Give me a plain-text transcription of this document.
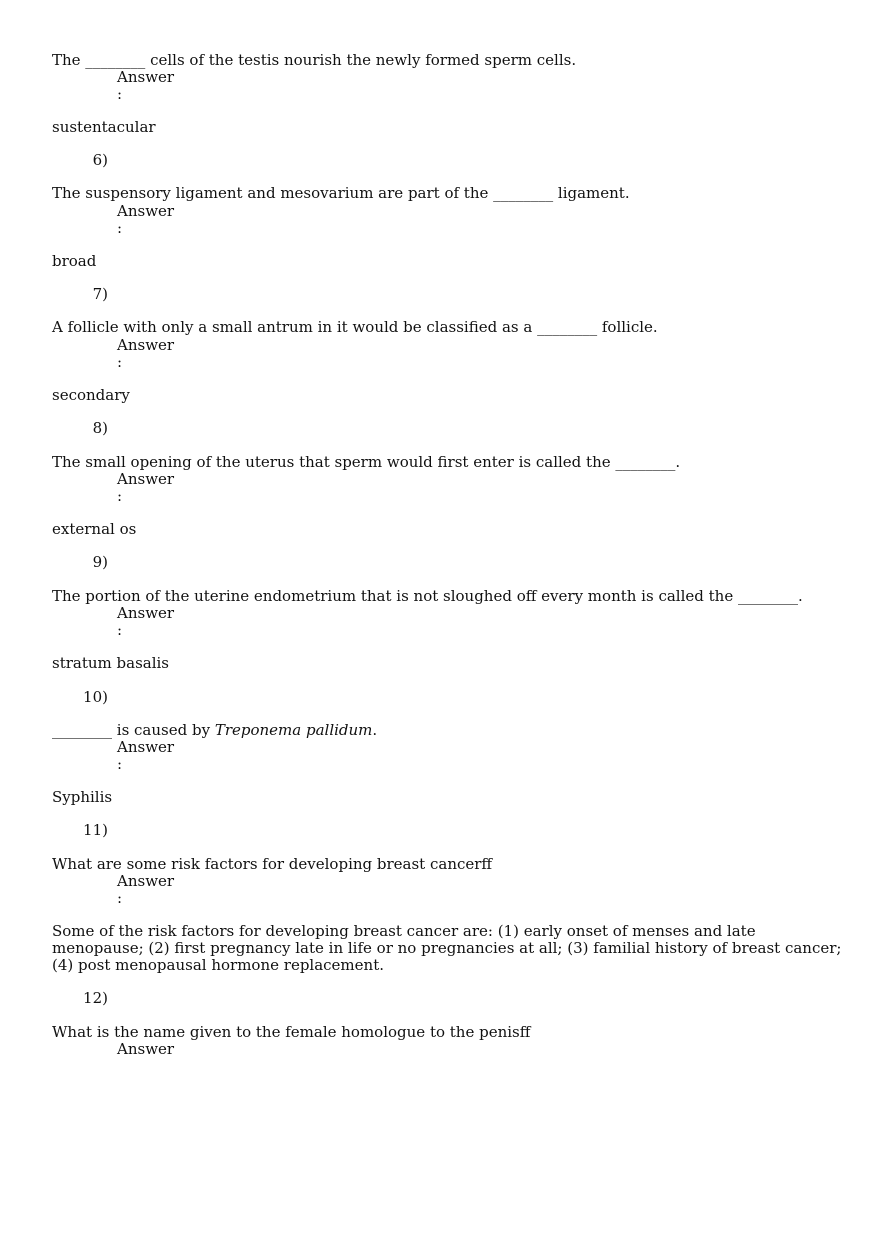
The ________ cells of the testis nourish the newly formed sperm cells.
Answer
:
sustentacular
6)
The suspensory ligament and mesovarium are part of the ________ ligament.
Answer
:
broad
7)
A follicle with only a small antrum in it would be classified as a ________ follicle.
Answer
:
secondary
8)
The small opening of the uterus that sperm would first enter is called the ________.
Answer
:
external os
9)
The portion of the uterine endometrium that is not sloughed off every month is called the ________.
Answer
:
stratum basalis
10)
________ is caused by Treponema pallidum.
Answer
:
Syphilis
11)
What are some risk factors for developing breast cancerff
Answer
:
Some of the risk factors for developing breast cancer are: (1) early onset of menses and late menopause; (2) first pregnancy late in life or no pregnancies at all; (3) familial history of breast cancer; (4) post menopausal hormone replacement.
12)
What is the name given to the female homologue to the penisff
Answer
